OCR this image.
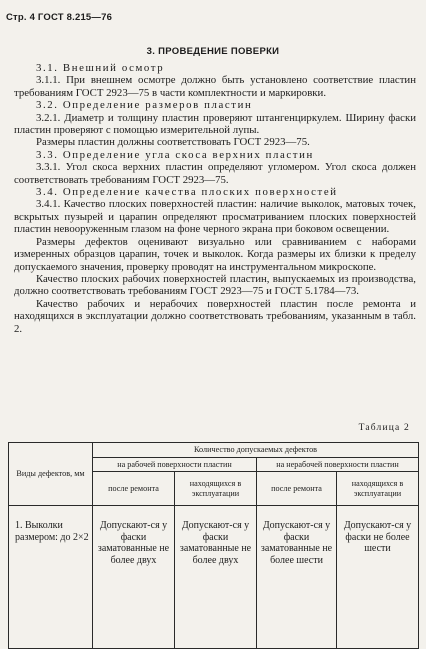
Стр. 4 ГОСТ 8.215—76
3. ПРОВЕДЕНИЕ ПОВЕРКИ

3.1. Внешний осмотр

3.1.1. При внешнем осмотре должно быть установлено соответствие пластин требованиям ГОСТ 2923—75 в части комплектности и маркировки.

3.2. Определение размеров пластин

3.2.1. Диаметр и толщину пластин проверяют штангенциркулем. Ширину фаски пластин проверяют с помощью измерительной лупы.

Размеры пластин должны соответствовать ГОСТ 2923—75.

3.3. Определение угла скоса верхних пластин

3.3.1. Угол скоса верхних пластин определяют угломером. Угол скоса должен соответствовать требованиям ГОСТ 2923—75.

3.4. Определение качества плоских поверхностей

3.4.1. Качество плоских поверхностей пластин: наличие выколок, матовых точек, вскрытых пузырей и царапин определяют просматриванием плоских поверхностей пластин невооруженным глазом на фоне черного экрана при боковом освещении.

Размеры дефектов оценивают визуально или сравниванием с наборами измеренных образцов царапин, точек и выколок. Когда размеры их близки к пределу допускаемого значения, проверку проводят на инструментальном микроскопе.

Качество плоских рабочих поверхностей пластин, выпускаемых из производства, должно соответствовать требованиям ГОСТ 2923—75 и ГОСТ 5.1784—73.

Качество рабочих и нерабочих поверхностей пластин после ремонта и находящихся в эксплуатации должно соответствовать требованиям, указанным в табл. 2.

Таблица 2
Виды дефектов, мм	Количество допускаемых дефектов			
	на рабочей поверхности пластин		на нерабочей поверхности пластин	
	после ремонта	находящихся в эксплуатации	после ремонта	находящихся в эксплуатации
1. Выколки размером: до 2×2	Допускают-ся у фаски заматованные не более двух	Допускают-ся у фаски заматованные не более двух	Допускают-ся у фаски заматованные не более шести	Допускают-ся у фаски не более шести
